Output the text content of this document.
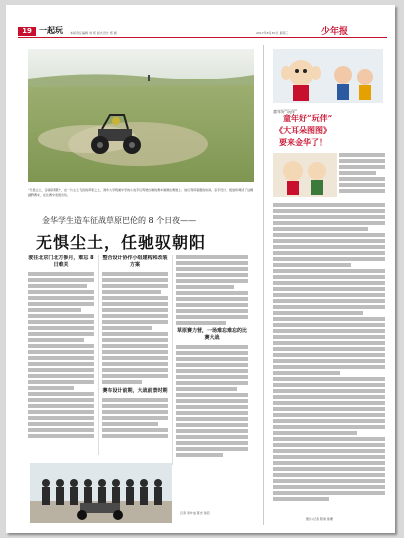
19 一起玩 本版责任编辑 刘 郑 版式设计 郑 刚	2017年8月30日 星期三	少年报
“无畏尘土，任驰驭朝阳”，在一片尘土飞扬的草原之上，清华大学附属中学的小选手们驾驶自制的赛车驰骋在赛道上。他们利用暑假的时间，亲手设计、组装和调试了这辆越野赛车，在比赛中表现出色。
金华学生造车征战草原巴伦的 8 个日夜——
无惧尘土，任驰驭朝阳
驶往北京门北方参月，难忘 8 日难关
整合设计协作小组建构和改装方案
赛车设计前期，大战前景时期
草原赛力营，一场难忘难忘的比赛大战
记者 李叶成 陈光 徐若
童年好“玩伴”
童年好“玩伴”
《大耳朵图图》
要来金华了！
图片/记者 陈建 徐珊
